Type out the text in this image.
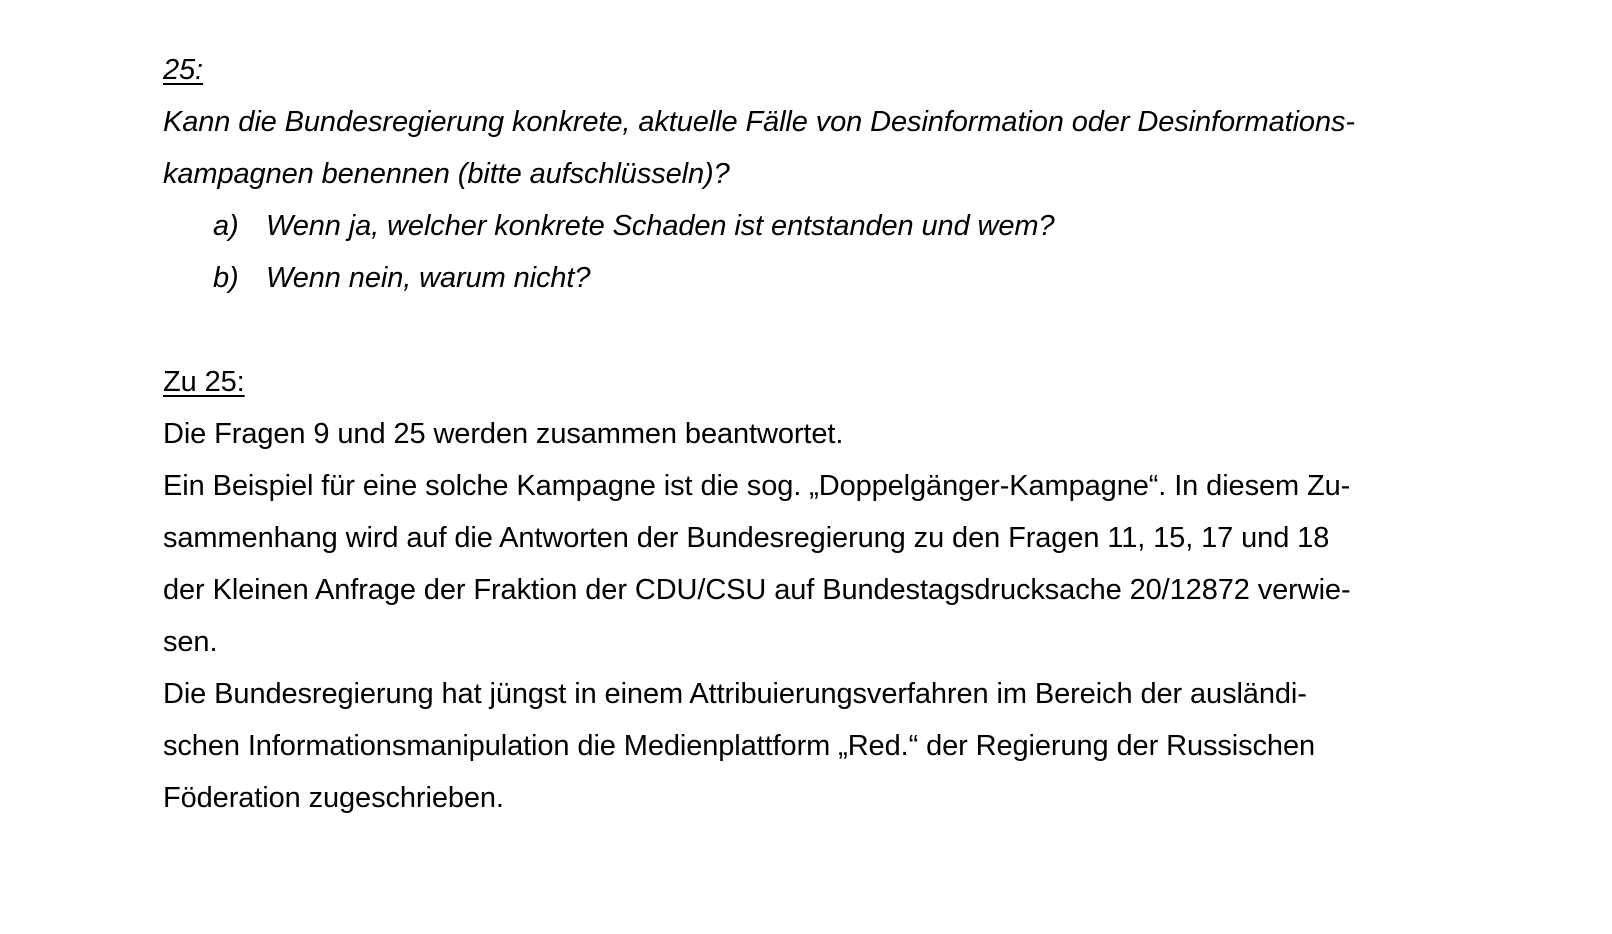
25:
Kann die Bundesregierung konkrete, aktuelle Fälle von Desinformation oder Desinformations-
kampagnen benennen (bitte aufschlüsseln)?
a) Wenn ja, welcher konkrete Schaden ist entstanden und wem?
b) Wenn nein, warum nicht?
Zu 25:
Die Fragen 9 und 25 werden zusammen beantwortet.
Ein Beispiel für eine solche Kampagne ist die sog. „Doppelgänger-Kampagne“. In diesem Zu-
sammenhang wird auf die Antworten der Bundesregierung zu den Fragen 11, 15, 17 und 18
der Kleinen Anfrage der Fraktion der CDU/CSU auf Bundestagsdrucksache 20/12872 verwie-
sen.
Die Bundesregierung hat jüngst in einem Attribuierungsverfahren im Bereich der ausländi-
schen Informationsmanipulation die Medienplattform „Red.“ der Regierung der Russischen
Föderation zugeschrieben.
